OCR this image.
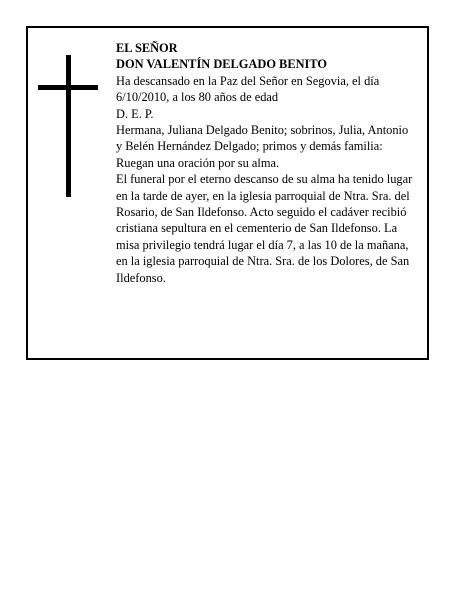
EL SEÑOR

DON VALENTÍN DELGADO BENITO

Ha descansado en la Paz del Señor en Segovia, el día 6/10/2010, a los 80 años de edad

D. E. P.

Hermana, Juliana Delgado Benito; sobrinos, Julia, Antonio y Belén Hernández Delgado; primos y demás familia:

Ruegan una oración por su alma.

El funeral por el eterno descanso de su alma ha tenido lugar en la tarde de ayer, en la iglesia parroquial de Ntra. Sra. del Rosario, de San Ildefonso. Acto seguido el cadáver recibió cristiana sepultura en el cementerio de San Ildefonso. La misa privilegio tendrá lugar el día 7, a las 10 de la mañana, en la iglesia parroquial de Ntra. Sra. de los Dolores, de San Ildefonso.
